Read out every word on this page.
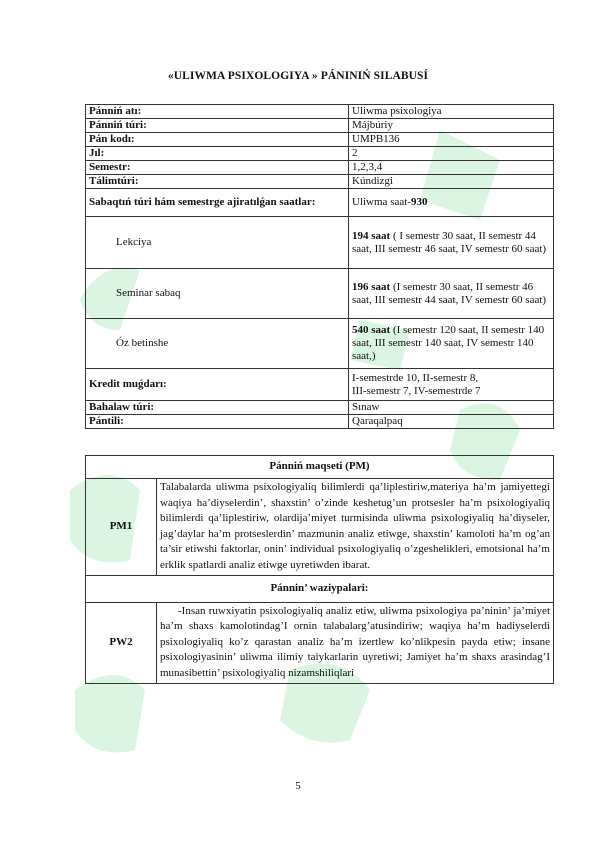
«ULIWMA PSIXOLOGIYA » PÁNINIŃ SILABUSÍ
Pánniń atı:	Uliwma psixologiya
Pánniń túri:	Májbúriy
Pán kodı:	UMPB136
Jıl:	2
Semestr:	1,2,3,4
Tálimtúri:	Kúndizgi
Sabaqtıń túri hám semestrge ajiratılǵan saatlar:	Uliwma saat-930
Lekciya	194 saat ( I semestr 30 saat, II semestr 44 saat, III semestr 46 saat, IV semestr 60 saat)
Seminar sabaq	196 saat (I semestr 30 saat, II semestr 46 saat, III semestr 44 saat, IV semestr 60 saat)
Óz betinshe	540 saat (I semestr 120 saat, II semestr 140 saat, III semestr 140 saat, IV semestr 140 saat,)
Kredit muǵdarı:	I-semestrde 10, II-semestr 8,
III-semestr 7, IV-semestrde 7

Bahalaw túri:	Sınaw
Pántili:	Qaraqalpaq
Pánniń maqseti (PM)	
PM1	Talabalarda uliwma psixologiyaliq bilimlerdi qa’liplestiriw,materiya ha’m jamiyettegi waqiya ha’diyselerdin’, shaxstin’ o’zinde keshetug’un protsesler ha’m psixologiyaliq bilimlerdi qa’liplestiriw, olardija’miyet turmisinda uliwma psixologiyaliq ha’diyseler, jag’daylar ha’m protseslerdin’ mazmunin analiz etiwge, shaxstin’ kamoloti ha’m og’an ta’sir etiwshi faktorlar, onin’ individual psixologiyaliq o’zgeshelikleri, emotsional ha’m erklik spatlardi analiz etiwge uyretiwden ibarat.
Pánnin’ waziypalari:	
PW2	-Insan ruwxiyatin psixologiyaliq analiz etiw, uliwma psixologiya pa’ninin’ ja’miyet ha’m shaxs kamolotindag’I ornin talabalarg’atusindiriw; waqiya ha’m hadiyselerdi psixologiyaliq ko’z qarastan analiz ha’m izertlew ko’nlikpesin payda etiw; insane psixologiyasinin’ uliwma ilimiy taiykarlarin uyretiwi; Jamiyet ha’m shaxs arasindag’I munasibettin’ psixologiyaliq nizamshiliqlari
5
